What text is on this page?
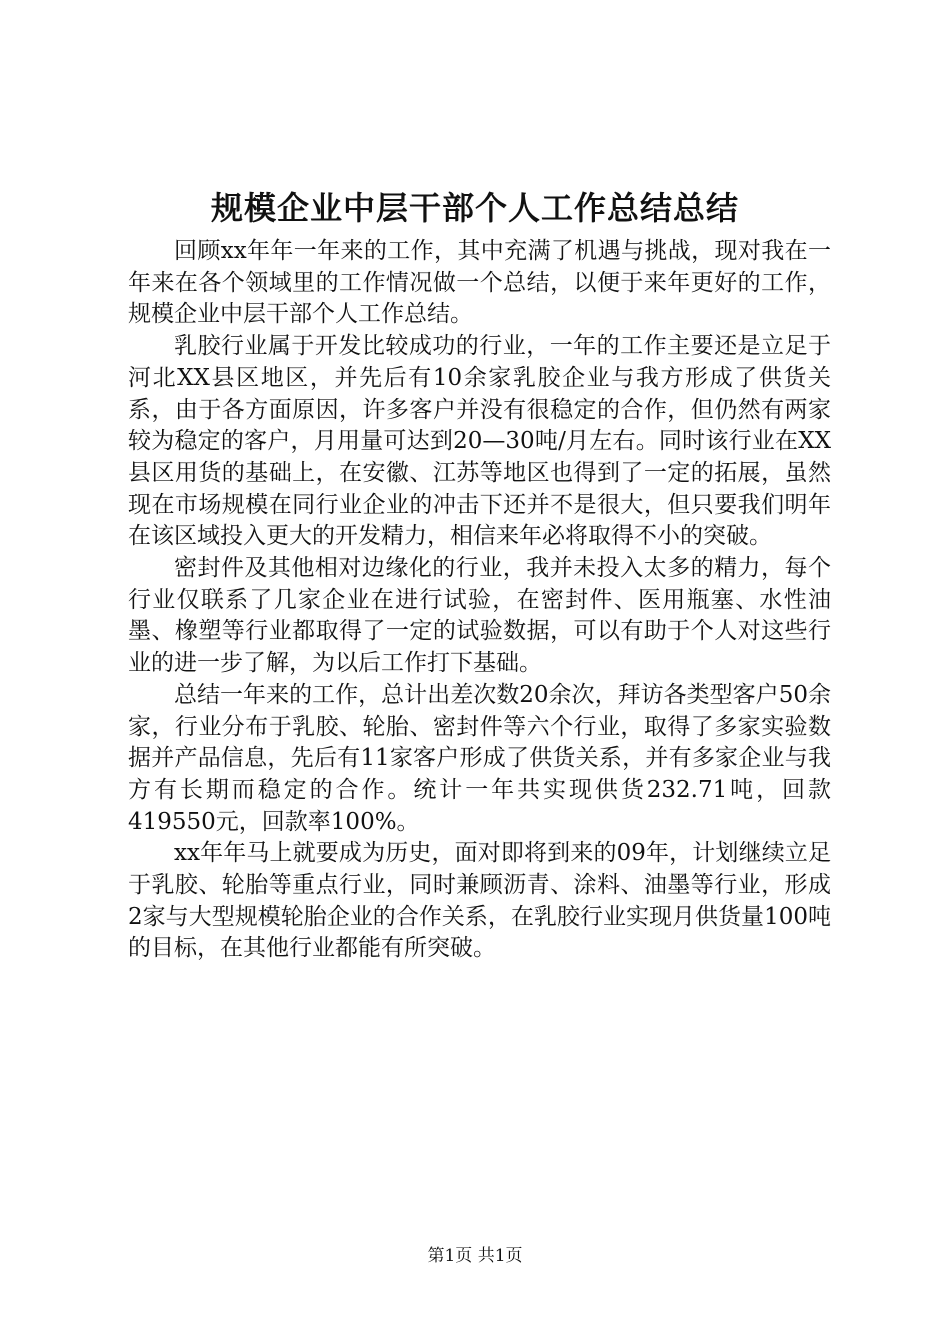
规模企业中层干部个人工作总结总结

回顾xx年年一年来的工作，其中充满了机遇与挑战，现对我在一年来在各个领域里的工作情况做一个总结，以便于来年更好的工作，规模企业中层干部个人工作总结。

乳胶行业属于开发比较成功的行业，一年的工作主要还是立足于河北XX县区地区，并先后有10余家乳胶企业与我方形成了供货关系，由于各方面原因，许多客户并没有很稳定的合作，但仍然有两家较为稳定的客户，月用量可达到20—30吨/月左右。同时该行业在XX县区用货的基础上，在安徽、江苏等地区也得到了一定的拓展，虽然现在市场规模在同行业企业的冲击下还并不是很大，但只要我们明年在该区域投入更大的开发精力，相信来年必将取得不小的突破。

密封件及其他相对边缘化的行业，我并未投入太多的精力，每个行业仅联系了几家企业在进行试验，在密封件、医用瓶塞、水性油墨、橡塑等行业都取得了一定的试验数据，可以有助于个人对这些行业的进一步了解，为以后工作打下基础。

总结一年来的工作，总计出差次数20余次，拜访各类型客户50余家，行业分布于乳胶、轮胎、密封件等六个行业，取得了多家实验数据并产品信息，先后有11家客户形成了供货关系，并有多家企业与我方有长期而稳定的合作。统计一年共实现供货232.71吨，回款419550元，回款率100%。

xx年年马上就要成为历史，面对即将到来的09年，计划继续立足于乳胶、轮胎等重点行业，同时兼顾沥青、涂料、油墨等行业，形成2家与大型规模轮胎企业的合作关系，在乳胶行业实现月供货量100吨的目标，在其他行业都能有所突破。

第1页 共1页
